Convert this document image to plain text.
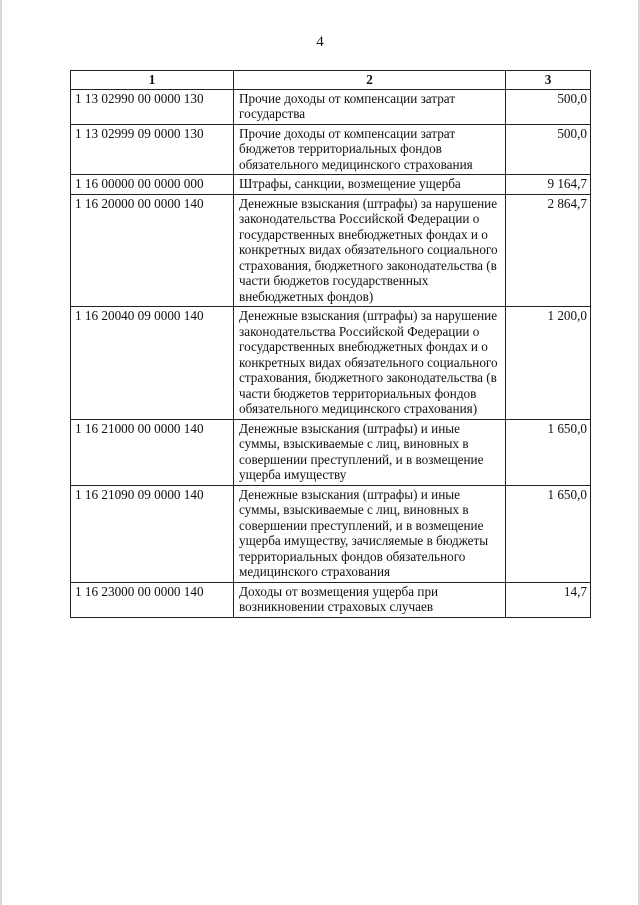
4
1	2	3
1 13 02990 00 0000 130	Прочие доходы от компенсации затрат государства	500,0
1 13 02999 09 0000 130	Прочие доходы от компенсации затрат бюджетов территориальных фондов обязательного медицинского страхования	500,0
1 16 00000 00 0000 000	Штрафы, санкции, возмещение ущерба	9 164,7
1 16 20000 00 0000 140	Денежные взыскания (штрафы) за нарушение законодательства Российской Федерации о государственных внебюджетных фондах и о конкретных видах обязательного социального страхования, бюджетного законодательства (в части бюджетов государственных внебюджетных фондов)	2 864,7
1 16 20040 09 0000 140	Денежные взыскания (штрафы) за нарушение законодательства Российской Федерации о государственных внебюджетных фондах и о конкретных видах обязательного социального страхования, бюджетного законодательства (в части бюджетов территориальных фондов обязательного медицинского страхования)	1 200,0
1 16 21000 00 0000 140	Денежные взыскания (штрафы) и иные суммы, взыскиваемые с лиц, виновных в совершении преступлений, и в возмещение ущерба имуществу	1 650,0
1 16 21090 09 0000 140	Денежные взыскания (штрафы) и иные суммы, взыскиваемые с лиц, виновных в совершении преступлений, и в возмещение ущерба имуществу, зачисляемые в бюджеты территориальных фондов обязательного медицинского страхования	1 650,0
1 16 23000 00 0000 140	Доходы от возмещения ущерба при возникновении страховых случаев	14,7
